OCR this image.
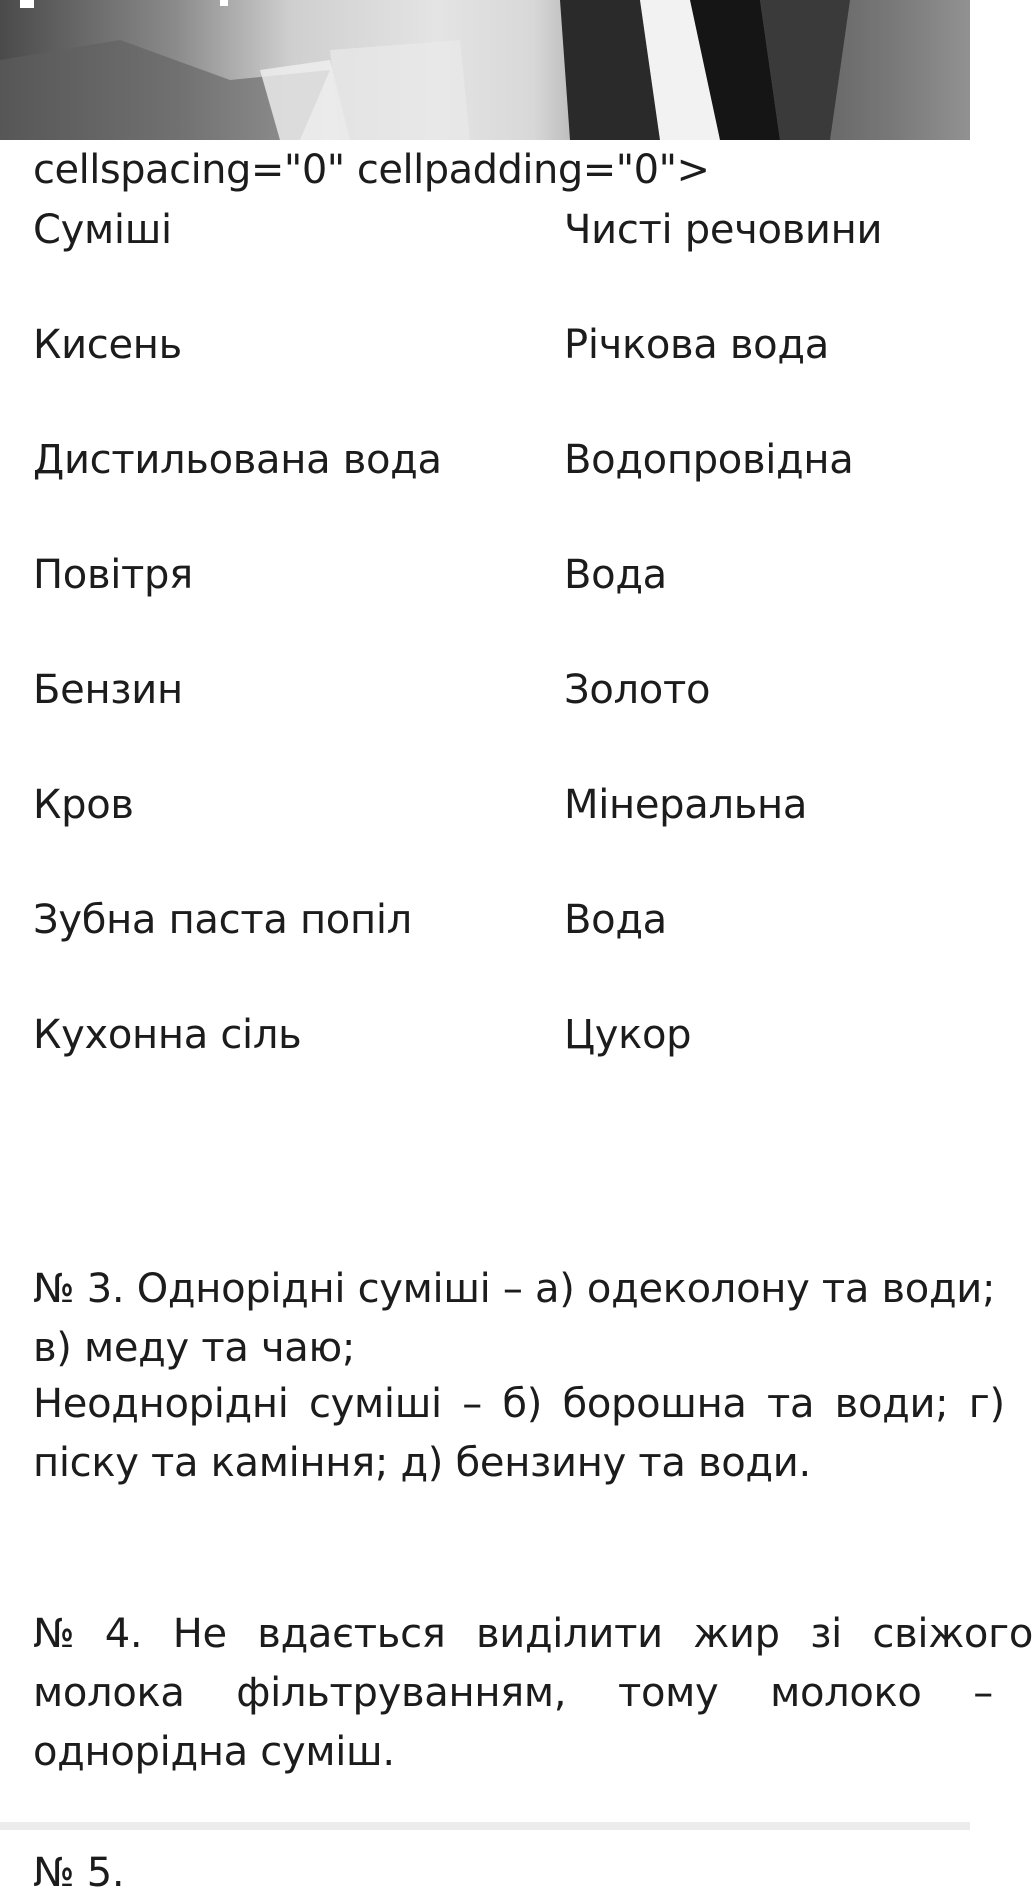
cellspacing="0" cellpadding="0">
Суміші	Чисті речовини
Кисень	Річкова вода
Дистильована вода	Водопровідна
Повітря	Вода
Бензин	Золото
Кров	Мінеральна
Зубна паста попіл	Вода
Кухонна сіль	Цукор
№ 3. Однорідні суміші – а) одеколону та води;
в) меду та чаю;
Неоднорідні суміші – б) борошна та води; г)
піску та каміння; д) бензину та води.
№ 4. Не вдається виділити жир зі свіжого
молока фільтруванням, тому молоко –
однорідна суміш.
№ 5.
